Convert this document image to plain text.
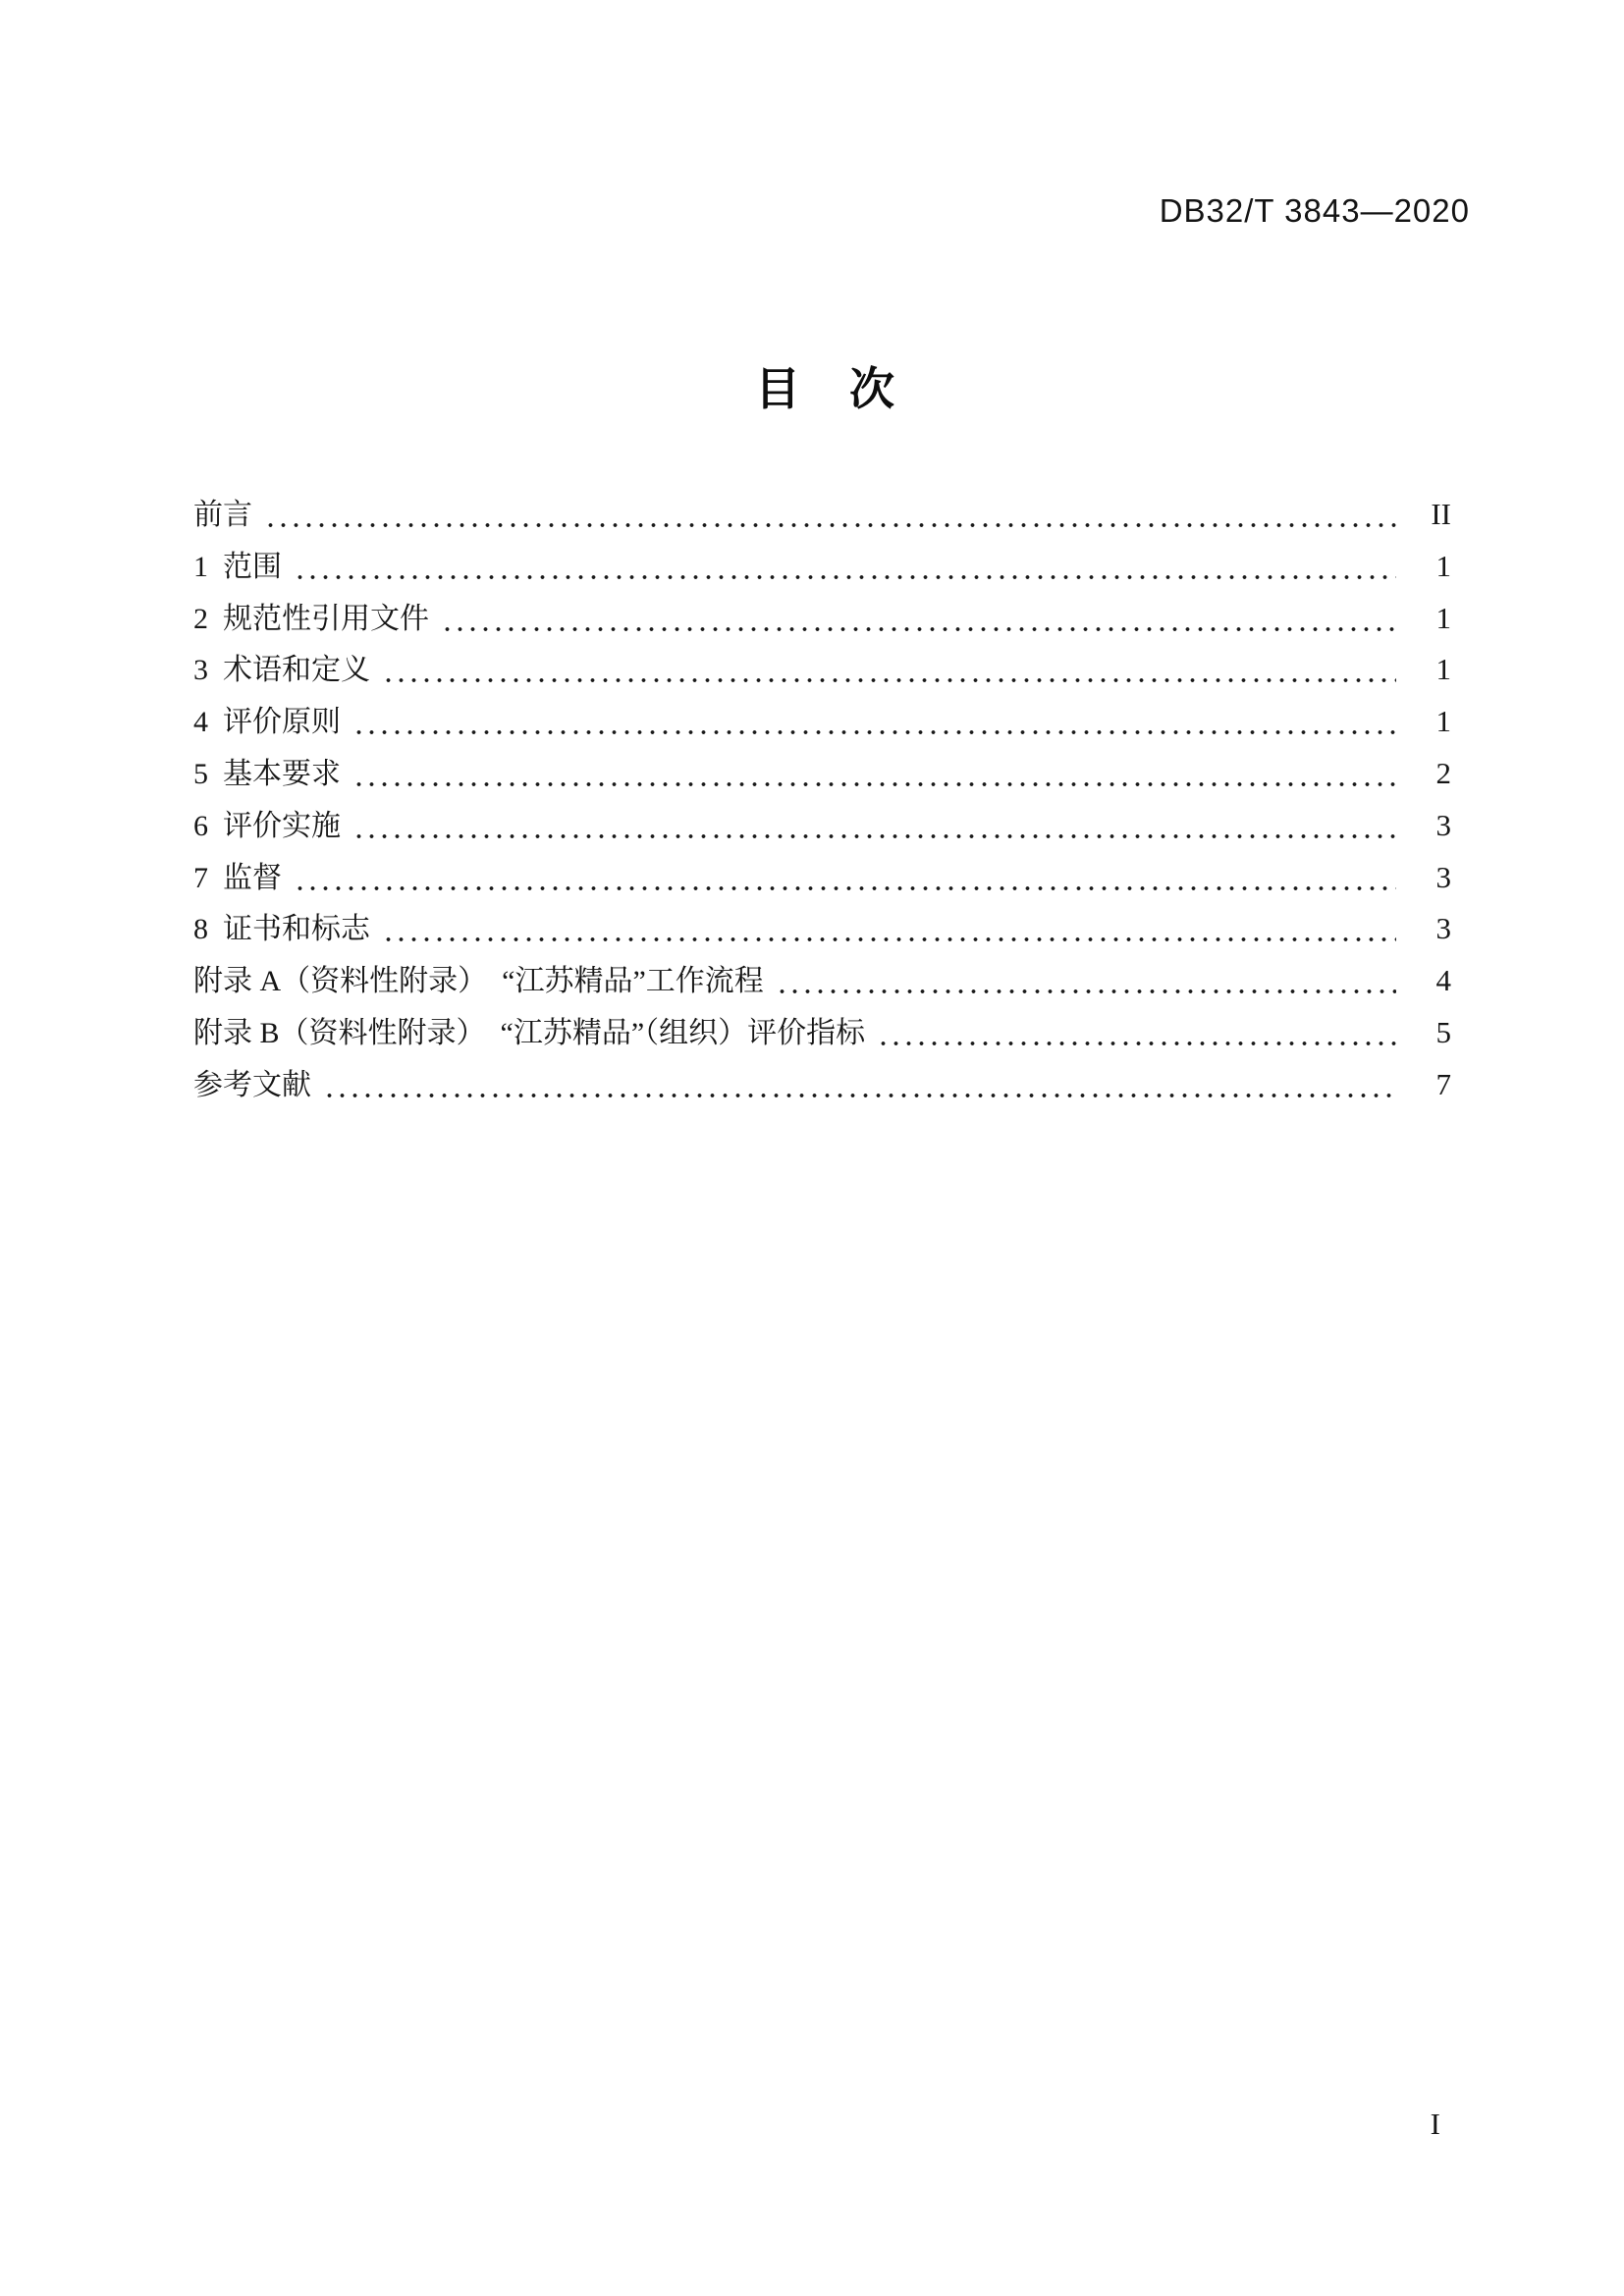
DB32/T 3843—2020
目　次
前言	II
1  范围	1
2  规范性引用文件	1
3  术语和定义	1
4  评价原则	1
5  基本要求	2
6  评价实施	3
7  监督	3
8  证书和标志	3
附录 A（资料性附录）　“江苏精品”工作流程	4
附录 B（资料性附录）　“江苏精品”（组织）评价指标	5
参考文献	7
I
